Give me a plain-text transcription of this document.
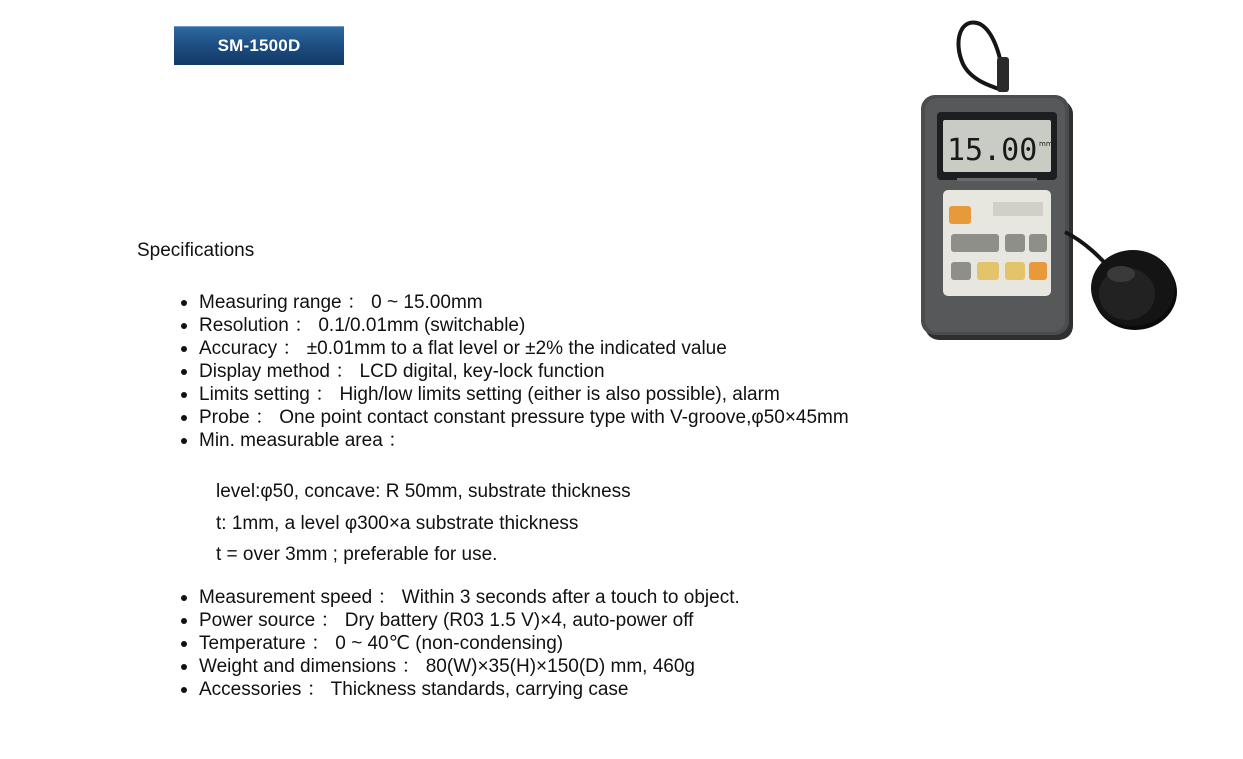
SM-1500D
15.00 mm
Specifications
Measuring range ： 0 ~ 15.00mm
Resolution ： 0.1/0.01mm (switchable)
Accuracy ： ±0.01mm to a flat level or ±2% the indicated value
Display method ： LCD digital, key-lock function
Limits setting ： High/low limits setting (either is also possible), alarm
Probe ： One point contact constant pressure type with V-groove,φ50×45mm
Min. measurable area ：
level:φ50, concave: R 50mm, substrate thickness
t: 1mm, a level φ300×a substrate thickness
t = over 3mm ; preferable for use.
Measurement speed ： Within 3 seconds after a touch to object.
Power source ： Dry battery (R03 1.5 V)×4, auto-power off
Temperature ： 0 ~ 40℃ (non-condensing)
Weight and dimensions ： 80(W)×35(H)×150(D) mm, 460g
Accessories ： Thickness standards, carrying case
